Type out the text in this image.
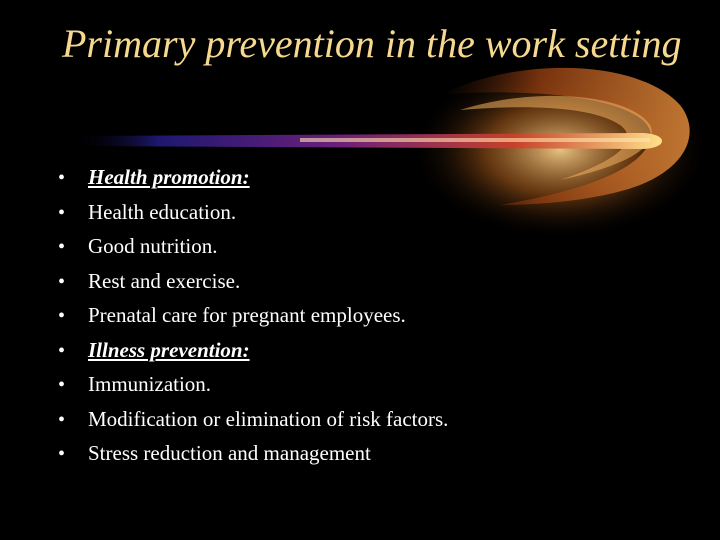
Primary prevention in the work setting
•	Health promotion:
•	Health education.
•	Good nutrition.
•	Rest and exercise.
•	Prenatal care for pregnant employees.
•	Illness prevention:
•	Immunization.
•	Modification or elimination of risk factors.
•	Stress reduction and management
